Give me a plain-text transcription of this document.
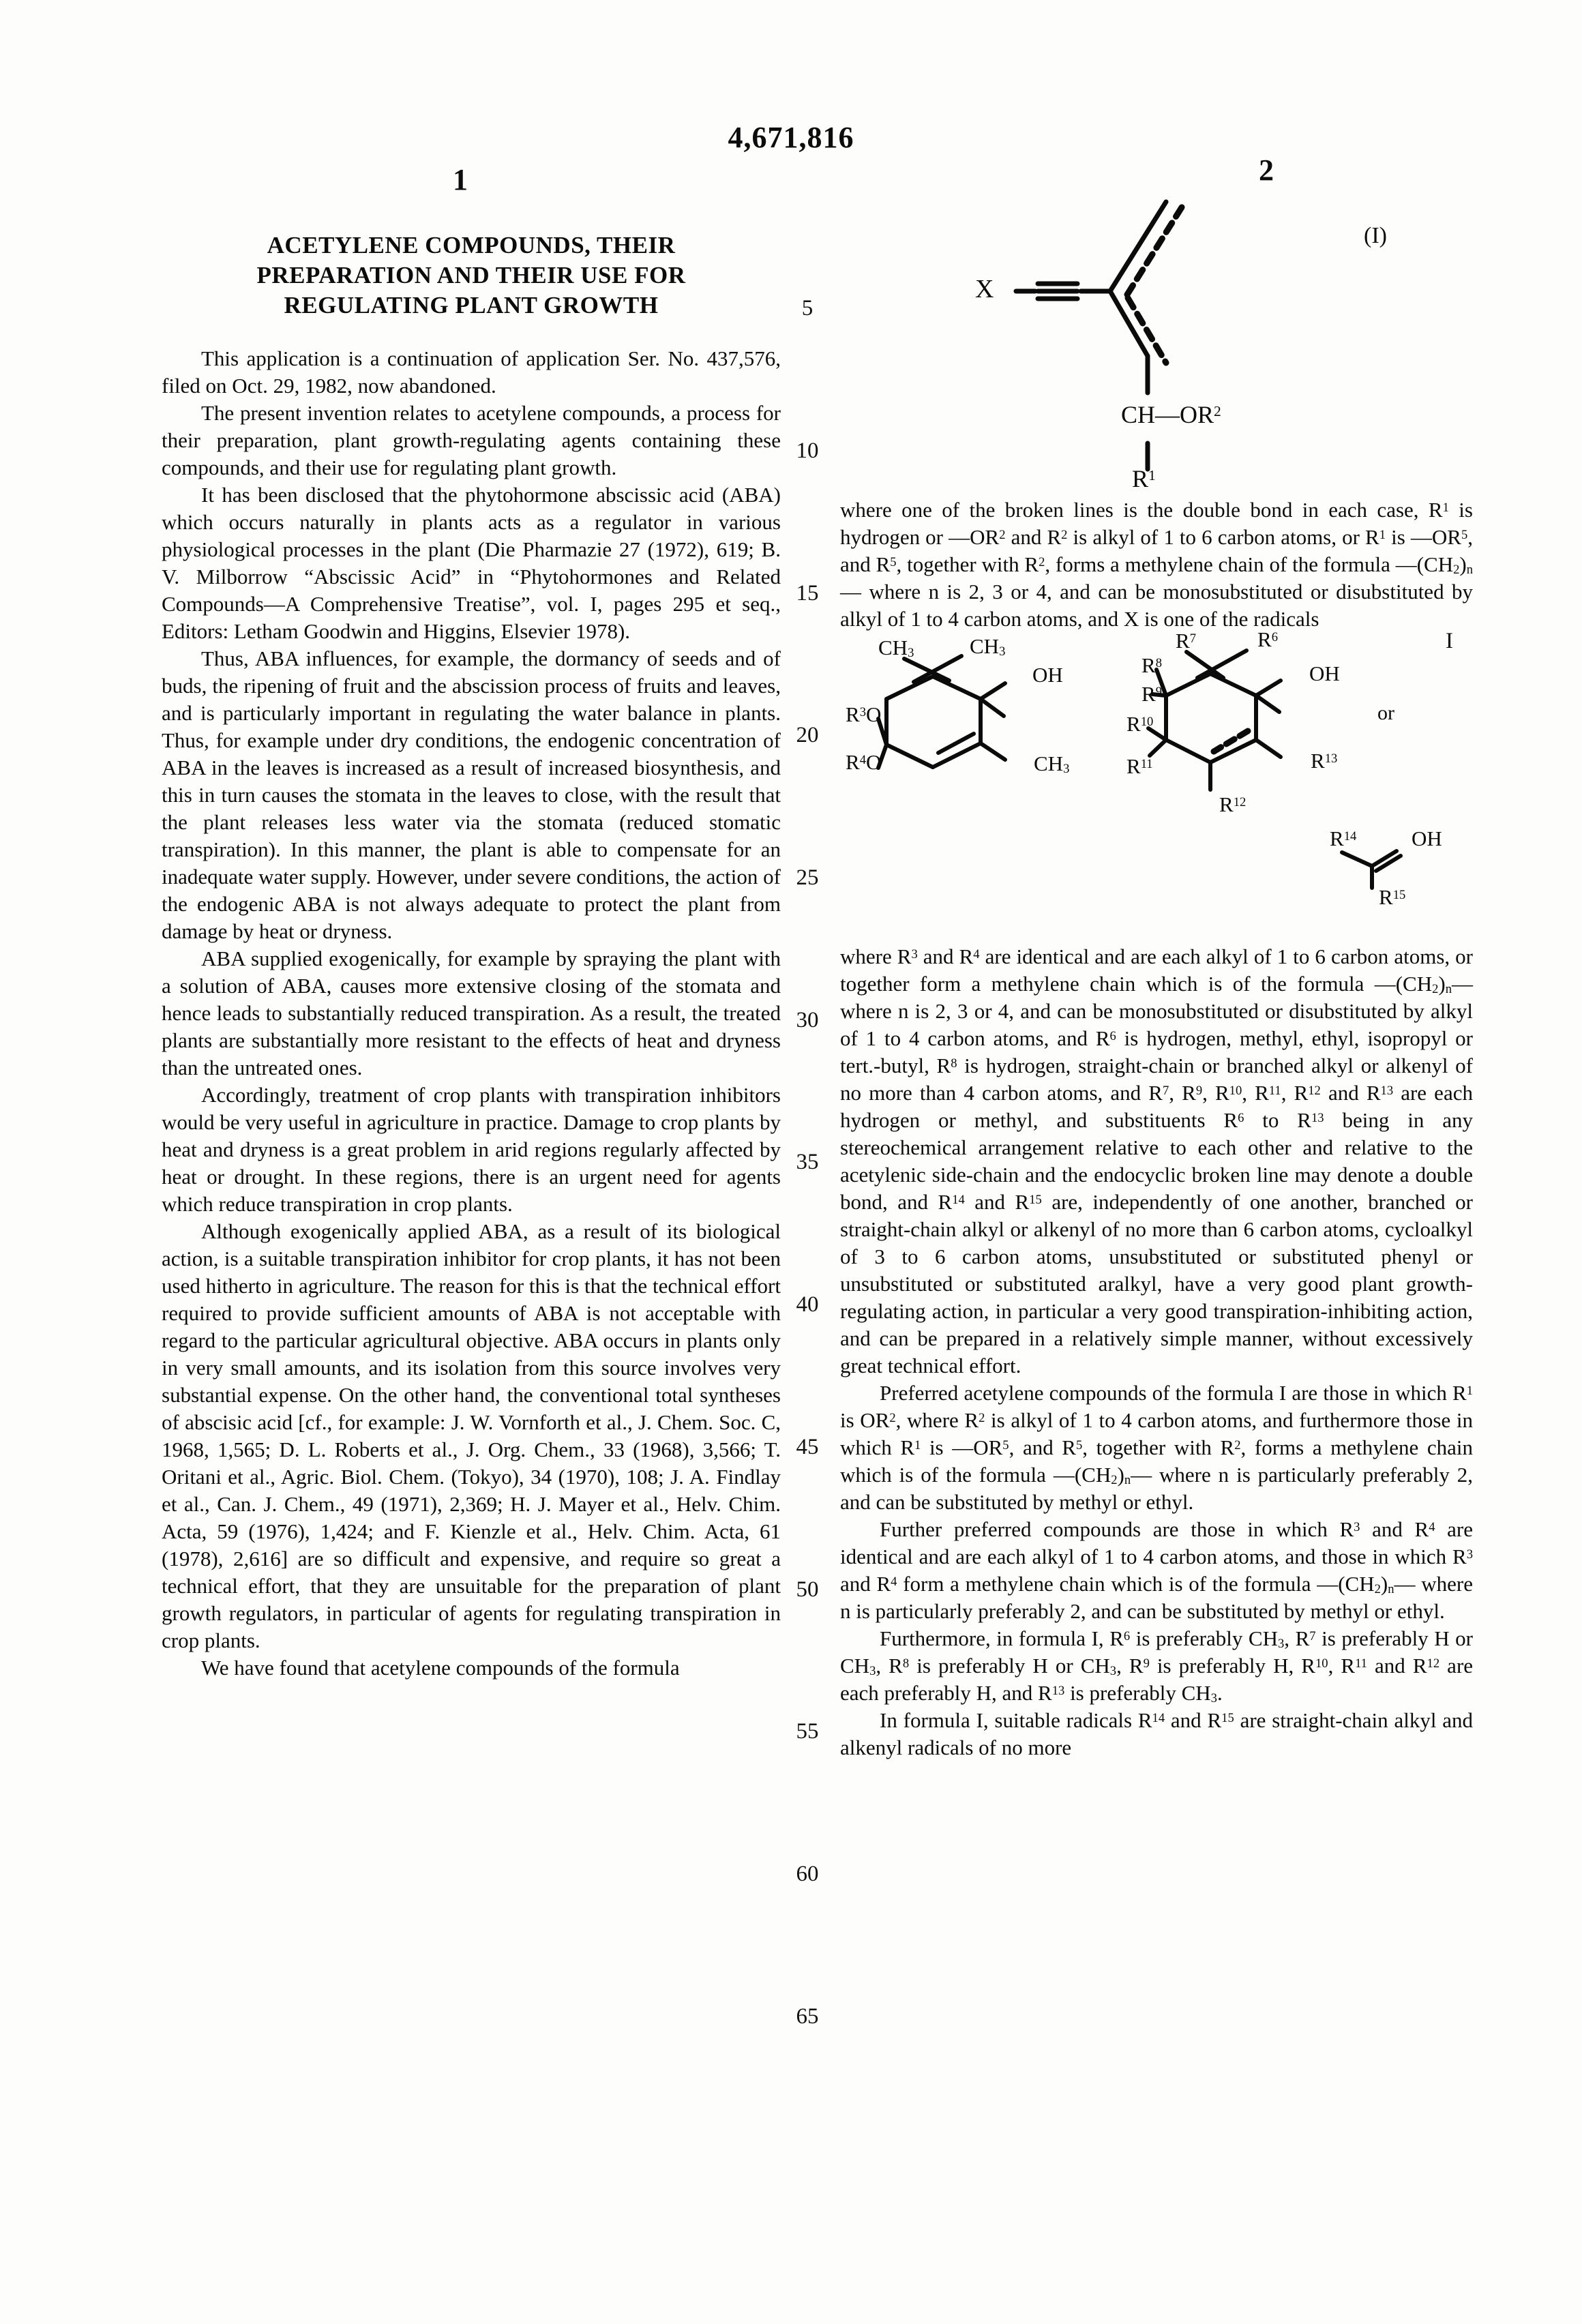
4,671,816
1	2
5
10
15
20
25
30
35
40
45
50
55
60
65
ACETYLENE COMPOUNDS, THEIR PREPARATION AND THEIR USE FOR REGULATING PLANT GROWTH

This application is a continuation of application Ser. No. 437,576, filed on Oct. 29, 1982, now abandoned.

The present invention relates to acetylene compounds, a process for their preparation, plant growth-regulating agents containing these compounds, and their use for regulating plant growth.

It has been disclosed that the phytohormone abscissic acid (ABA) which occurs naturally in plants acts as a regulator in various physiological processes in the plant (Die Pharmazie 27 (1972), 619; B. V. Milborrow “Abscissic Acid” in “Phytohormones and Related Compounds—A Comprehensive Treatise”, vol. I, pages 295 et seq., Editors: Letham Goodwin and Higgins, Elsevier 1978).

Thus, ABA influences, for example, the dormancy of seeds and of buds, the ripening of fruit and the abscission process of fruits and leaves, and is particularly important in regulating the water balance in plants. Thus, for example under dry conditions, the endogenic concentration of ABA in the leaves is increased as a result of increased biosynthesis, and this in turn causes the stomata in the leaves to close, with the result that the plant releases less water via the stomata (reduced stomatic transpiration). In this manner, the plant is able to compensate for an inadequate water supply. However, under severe conditions, the action of the endogenic ABA is not always adequate to protect the plant from damage by heat or dryness.

ABA supplied exogenically, for example by spraying the plant with a solution of ABA, causes more extensive closing of the stomata and hence leads to substantially reduced transpiration. As a result, the treated plants are substantially more resistant to the effects of heat and dryness than the untreated ones.

Accordingly, treatment of crop plants with transpiration inhibitors would be very useful in agriculture in practice. Damage to crop plants by heat and dryness is a great problem in arid regions regularly affected by heat or drought. In these regions, there is an urgent need for agents which reduce transpiration in crop plants.

Although exogenically applied ABA, as a result of its biological action, is a suitable transpiration inhibitor for crop plants, it has not been used hitherto in agriculture. The reason for this is that the technical effort required to provide sufficient amounts of ABA is not acceptable with regard to the particular agricultural objective. ABA occurs in plants only in very small amounts, and its isolation from this source involves very substantial expense. On the other hand, the conventional total syntheses of abscisic acid [cf., for example: J. W. Vornforth et al., J. Chem. Soc. C, 1968, 1,565; D. L. Roberts et al., J. Org. Chem., 33 (1968), 3,566; T. Oritani et al., Agric. Biol. Chem. (Tokyo), 34 (1970), 108; J. A. Findlay et al., Can. J. Chem., 49 (1971), 2,369; H. J. Mayer et al., Helv. Chim. Acta, 59 (1976), 1,424; and F. Kienzle et al., Helv. Chim. Acta, 61 (1978), 2,616] are so difficult and expensive, and require so great a technical effort, that they are unsuitable for the preparation of plant growth regulators, in particular of agents for regulating transpiration in crop plants.

We have found that acetylene compounds of the formula

X
$CH—OR^2$
$R^1$
(I)

where one of the broken lines is the double bond in each case, $R^1$ is hydrogen or $—OR^2$ and $R^2$ is alkyl of 1 to 6 carbon atoms, or $R^1$ is $—OR^5$, and $R^5$, together with $R^2$, forms a methylene chain of the formula $—(CH_2)_n—$ where n is 2, 3 or 4, and can be monosubstituted or disubstituted by alkyl of 1 to 4 carbon atoms, and X is one of the radicals

$CH_3$	$CH_3$
OH
$R^3O$
$R^4O$	$CH_3$
$R^7$	$R^6$
$R^8$
$R^9$
OH
$R^{10}$
$R^{11}$	$R^{13}$
$R^{12}$
or
I
$R^{14}$	OH
$R^{15}$

where $R^3$ and $R^4$ are identical and are each alkyl of 1 to 6 carbon atoms, or together form a methylene chain which is of the formula $—(CH_2)_n—$ where n is 2, 3 or 4, and can be monosubstituted or disubstituted by alkyl of 1 to 4 carbon atoms, and $R^6$ is hydrogen, methyl, ethyl, isopropyl or tert.-butyl, $R^8$ is hydrogen, straight-chain or branched alkyl or alkenyl of no more than 4 carbon atoms, and $R^7$, $R^9$, $R^{10}$, $R^{11}$, $R^{12}$ and $R^{13}$ are each hydrogen or methyl, and substituents $R^6$ to $R^{13}$ being in any stereochemical arrangement relative to each other and relative to the acetylenic side-chain and the endocyclic broken line may denote a double bond, and $R^{14}$ and $R^{15}$ are, independently of one another, branched or straight-chain alkyl or alkenyl of no more than 6 carbon atoms, cycloalkyl of 3 to 6 carbon atoms, unsubstituted or substituted phenyl or unsubstituted or substituted aralkyl, have a very good plant growth-regulating action, in particular a very good transpiration-inhibiting action, and can be prepared in a relatively simple manner, without excessively great technical effort.

Preferred acetylene compounds of the formula I are those in which $R^1$ is $OR^2$, where $R^2$ is alkyl of 1 to 4 carbon atoms, and furthermore those in which $R^1$ is $—OR^5$, and $R^5$, together with $R^2$, forms a methylene chain which is of the formula $—(CH_2)_n—$ where n is particularly preferably 2, and can be substituted by methyl or ethyl.

Further preferred compounds are those in which $R^3$ and $R^4$ are identical and are each alkyl of 1 to 4 carbon atoms, and those in which $R^3$ and $R^4$ form a methylene chain which is of the formula $—(CH_2)_n—$ where n is particularly preferably 2, and can be substituted by methyl or ethyl.

Furthermore, in formula I, $R^6$ is preferably $CH_3$, $R^7$ is preferably H or $CH_3$, $R^8$ is preferably H or $CH_3$, $R^9$ is preferably H, $R^{10}$, $R^{11}$ and $R^{12}$ are each preferably H, and $R^{13}$ is preferably $CH_3$.

In formula I, suitable radicals $R^{14}$ and $R^{15}$ are straight-chain alkyl and alkenyl radicals of no more
